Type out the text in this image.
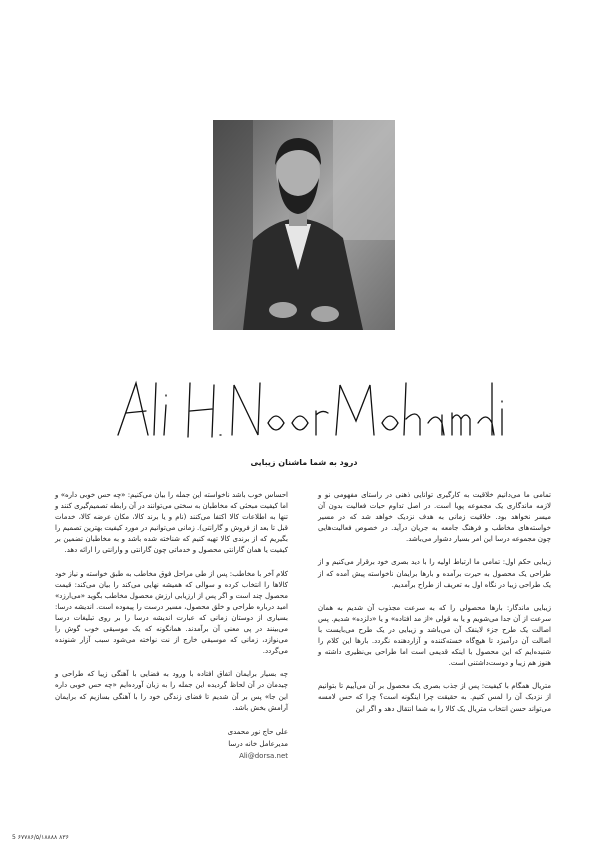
درود به شما ماشنان زیبایی

تمامی ما می‌دانیم خلاقیت به کارگیری توانایی ذهنی در راستای مفهومی نو و لازمه ماندگاری یک مجموعه پویا است. در اصل تداوم حیات فعالیت بدون آن میسر نخواهد بود. خلاقیت زمانی به هدف نزدیک خواهد شد که در مسیر خواسته‌های مخاطب و فرهنگ جامعه به جریان درآید. در خصوص فعالیت‌هایی چون مجموعه درسا این امر بسیار دشوار می‌باشد.

زیبایی حکم اول: تمامی ما ارتباط اولیه را با دید بصری خود برقرار می‌کنیم و از طراحی یک محصول به حیرت برآمده و بارها برایمان ناخواسته پیش آمده که از یک طراحی زیبا در نگاه اول به تعریف از طراح برآمدیم.

زیبایی ماندگار: بارها محصولی را که به سرعت مجذوب آن شدیم به همان سرعت از آن جدا می‌شویم و یا به قولی «از مد افتاده» و یا «دلزده» شدیم. پس اصالت یک طرح جزء لاینفک آن می‌باشد و زیبایی در یک طرح می‌بایست با اصالت آن درآمیزد تا هیچ‌گاه خسته‌کننده و آزاردهنده نگردد. بارها این کلام را شنیده‌ایم که این محصول با اینکه قدیمی است اما طراحی بی‌نظیری داشته و هنوز هم زیبا و دوست‌داشتنی است.

متریال همگام با کیفیت: پس از جذب بصری یک محصول بر آن می‌آییم تا بتوانیم از نزدیک آن را لمس کنیم. به حقیقت چرا اینگونه است؟ چرا که حس لامسه می‌تواند حسن انتخاب متریال یک کالا را به شما انتقال دهد و اگر این

احساس خوب باشد ناخواسته این جمله را بیان می‌کنیم: «چه حس خوبی داره» و اما کیفیت مبحثی که مخاطبان به سختی می‌توانند در آن رابطه تصمیم‌گیری کنند و تنها به اطلاعات کالا اکتفا می‌کنند (نام و یا برند کالا، مکان عرضه کالا، خدمات قبل تا بعد از فروش و گارانتی). زمانی می‌توانیم در مورد کیفیت بهترین تصمیم را بگیریم که از برندی کالا تهیه کنیم که شناخته شده باشد و به مخاطبان تضمین بر کیفیت یا همان گارانتی محصول و خدماتی چون گارانتی و وارانتی را ارائه دهد.

کلام آخر با مخاطب: پس از طی مراحل فوق مخاطب به طبق خواسته و نیاز خود کالاها را انتخاب کرده و سوالی که همیشه نهایی می‌کند را بیان می‌کند: قیمت محصول چند است و اگر پس از ارزیابی ارزش محصول مخاطب بگوید «می‌ارزد» امید درباره طراحی و خلق محصول، مسیر درست را پیموده است. اندیشه درسا: بسیاری از دوستان زمانی که عبارت اندیشه درسا را بر روی تبلیغات درسا می‌بینند در پی معنی آن برآمدند. همانگونه که یک موسیقی خوب گوش را می‌نوازد، زمانی که موسیقی خارج از نت نواخته می‌شود سبب آزار شنونده می‌گردد.

چه بسیار برایمان اتفاق افتاده با ورود به فضایی با آهنگی زیبا که طراحی و چیدمان در آن لحاظ گردیده این جمله را به زبان آورده‌ایم «چه حس خوبی داره این جا» پس بر آن شدیم تا فضای زندگی خود را با آهنگی بسازیم که برایمان آرامش بخش باشد.

علی حاج نور محمدی
مدیرعامل خانه درسا
Ali@dorsa.net
5 ۶۷۷۸۶/۵/۱۸۸۸۸ ۸۳۶
